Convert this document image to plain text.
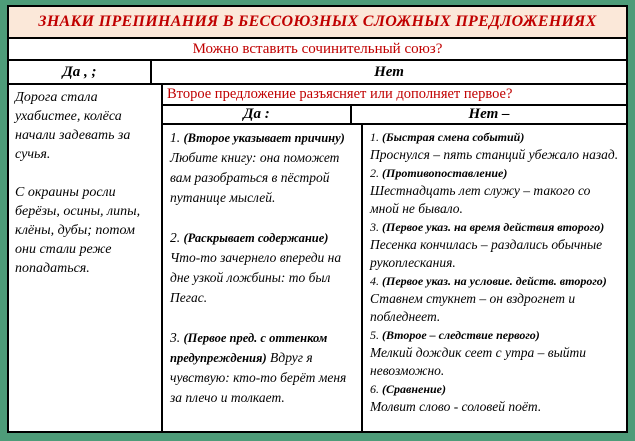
ЗНАКИ ПРЕПИНАНИЯ В БЕССОЮЗНЫХ СЛОЖНЫХ ПРЕДЛОЖЕНИЯХ
Можно вставить сочинительный союз?
Да , ;	Нет

Дорога стала ухабистее, колёса начали задевать за сучья.

С окраины росли берёзы, осины, липы, клёны, дубы; потом они стали реже попадаться.

Второе предложение разъясняет или дополняет первое?
Да :	Нет –
1. (Второе указывает причину) Любите книгу: она поможет вам разобраться в пёстрой путанице мыслей.
2. (Раскрывает содержание) Что-то зачернело впереди на дне узкой ложбины: то был Пегас.
3. (Первое пред. с оттенком предупреждения) Вдруг я чувствую: кто-то берёт меня за плечо и толкает.
1. (Быстрая смена событий)
Проснулся – пять станций убежало назад.
2. (Противопоставление)
Шестнадцать лет служу – такого со мной не бывало.
3. (Первое указ. на время действия второго)
Песенка кончилась – раздались обычные рукоплескания.
4. (Первое указ. на условие. действ. второго)
Ставнем стукнет – он вздрогнет и побледнеет.
5. (Второе – следствие первого)
Мелкий дождик сеет с утра – выйти невозможно.
6. (Сравнение)
Молвит слово - соловей поёт.
